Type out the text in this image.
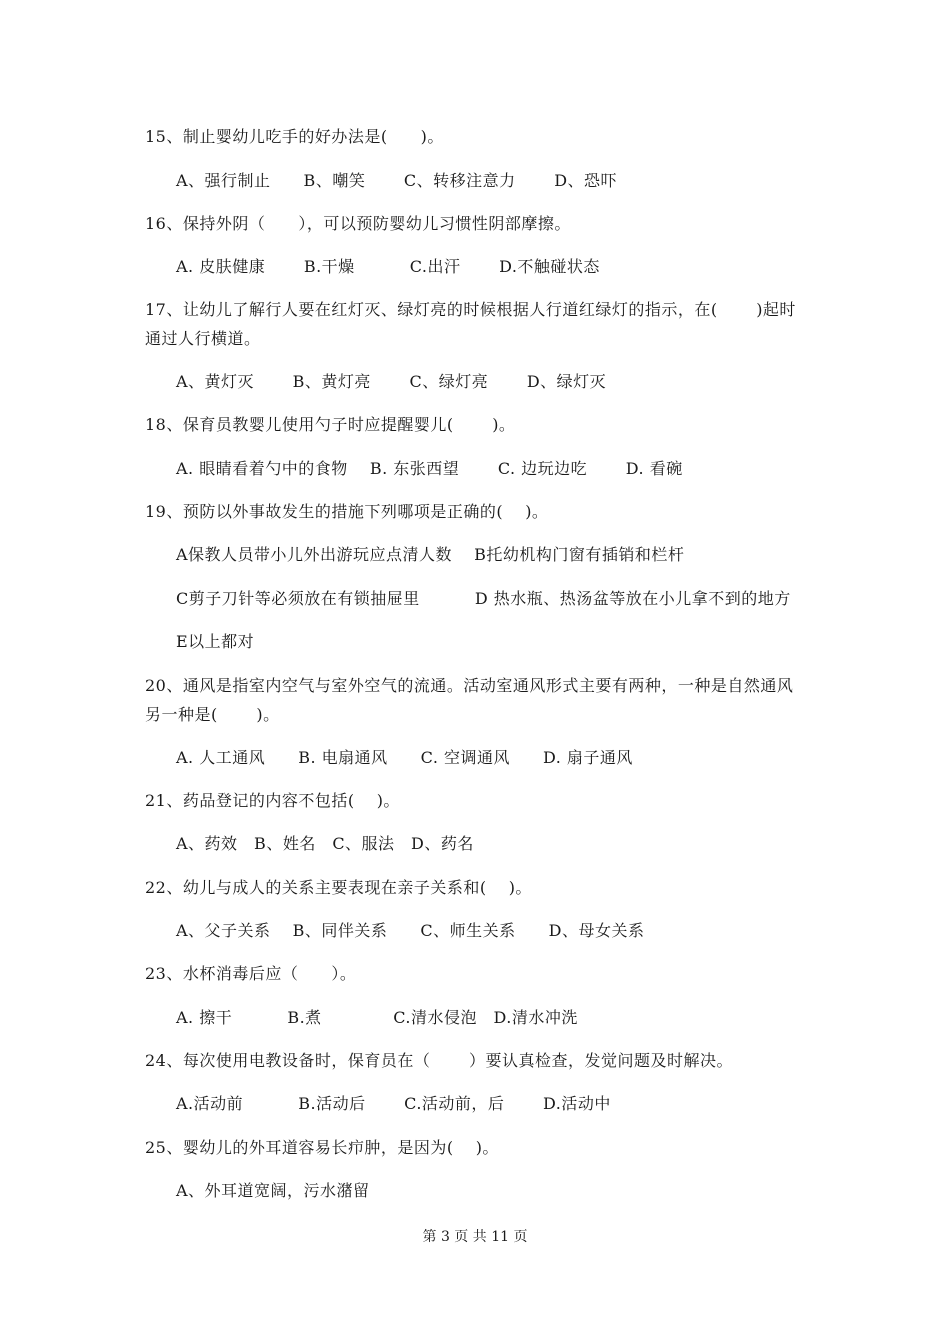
15、制止婴幼儿吃手的好办法是(　　)。
A、强行制止　　B、嘲笑　　 C、转移注意力　　 D、恐吓
16、保持外阴（　　），可以预防婴幼儿习惯性阴部摩擦。
A. 皮肤健康　　 B.干燥　　　 C.出汗　　 D.不触碰状态
17、让幼儿了解行人要在红灯灭、绿灯亮的时候根据人行道红绿灯的指示，在(　　 )起时
通过人行横道。
A、黄灯灭　　 B、黄灯亮　　 C、绿灯亮　　 D、绿灯灭
18、保育员教婴儿使用勺子时应提醒婴儿(　　 )。
A. 眼睛看着勺中的食物　 B. 东张西望　　 C. 边玩边吃　　 D. 看碗
19、预防以外事故发生的措施下列哪项是正确的(　 )。
A保教人员带小儿外出游玩应点清人数　 B托幼机构门窗有插销和栏杆
C剪子刀针等必须放在有锁抽屉里　　　 D 热水瓶、热汤盆等放在小儿拿不到的地方
E以上都对
20、通风是指室内空气与室外空气的流通。活动室通风形式主要有两种，一种是自然通风
另一种是(　　 )。
A. 人工通风　　B. 电扇通风　　C. 空调通风　　D. 扇子通风
21、药品登记的内容不包括(　 )。
A、药效　B、姓名　C、服法　D、药名
22、幼儿与成人的关系主要表现在亲子关系和(　 )。
A、父子关系　 B、同伴关系　　C、师生关系　　D、母女关系
23、水杯消毒后应（　　）。
A. 擦干　　　 B.煮　　　　 C.清水侵泡　D.清水冲洗
24、每次使用电教设备时，保育员在（　　 ）要认真检查，发觉问题及时解决。
A.活动前　　　 B.活动后　　 C.活动前，后　　 D.活动中
25、婴幼儿的外耳道容易长疖肿，是因为(　 )。
A、外耳道宽阔，污水潴留
第 3 页 共 11 页
